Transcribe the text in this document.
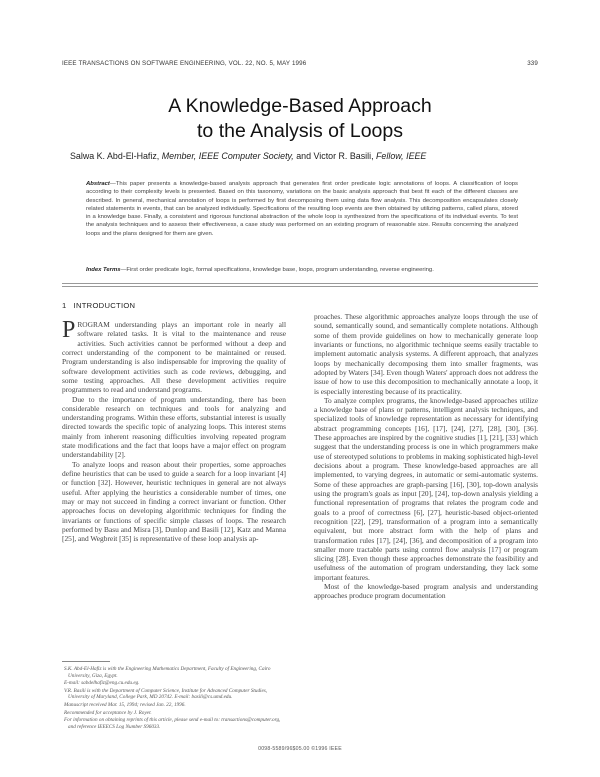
IEEE TRANSACTIONS ON SOFTWARE ENGINEERING, VOL. 22, NO. 5, MAY 1996	339
A Knowledge-Based Approach
to the Analysis of Loops
Salwa K. Abd-El-Hafiz, Member, IEEE Computer Society, and Victor R. Basili, Fellow, IEEE
Abstract—This paper presents a knowledge-based analysis approach that generates first order predicate logic annotations of loops. A classification of loops according to their complexity levels is presented. Based on this taxonomy, variations on the basic analysis approach that best fit each of the different classes are described. In general, mechanical annotation of loops is performed by first decomposing them using data flow analysis. This decomposition encapsulates closely related statements in events, that can be analyzed individually. Specifications of the resulting loop events are then obtained by utilizing patterns, called plans, stored in a knowledge base. Finally, a consistent and rigorous functional abstraction of the whole loop is synthesized from the specifications of its individual events. To test the analysis techniques and to assess their effectiveness, a case study was performed on an existing program of reasonable size. Results concerning the analyzed loops and the plans designed for them are given.
Index Terms—First order predicate logic, formal specifications, knowledge base, loops, program understanding, reverse engineering.
1 INTRODUCTION

PROGRAM understanding plays an important role in nearly all software related tasks. It is vital to the maintenance and reuse activities. Such activities cannot be performed without a deep and correct understanding of the component to be maintained or reused. Program understanding is also indispensable for improving the quality of software development activities such as code reviews, debugging, and some testing approaches. All these development activities require programmers to read and understand programs.

Due to the importance of program understanding, there has been considerable research on techniques and tools for analyzing and understanding programs. Within these efforts, substantial interest is usually directed towards the specific topic of analyzing loops. This interest stems mainly from inherent reasoning difficulties involving repeated program state modifications and the fact that loops have a major effect on program understandability [2].

To analyze loops and reason about their properties, some approaches define heuristics that can be used to guide a search for a loop invariant [4] or function [32]. However, heuristic techniques in general are not always useful. After applying the heuristics a considerable number of times, one may or may not succeed in finding a correct invariant or function. Other approaches focus on developing algorithmic techniques for finding the invariants or functions of specific simple classes of loops. The research performed by Basu and Misra [3], Dunlop and Basili [12], Katz and Manna [25], and Wegbreit [35] is representative of these loop analysis ap-

proaches. These algorithmic approaches analyze loops through the use of sound, semantically sound, and semantically complete notations. Although some of them provide guidelines on how to mechanically generate loop invariants or functions, no algorithmic technique seems easily tractable to implement automatic analysis systems. A different approach, that analyzes loops by mechanically decomposing them into smaller fragments, was adopted by Waters [34]. Even though Waters' approach does not address the issue of how to use this decomposition to mechanically annotate a loop, it is especially interesting because of its practicality.

To analyze complex programs, the knowledge-based approaches utilize a knowledge base of plans or patterns, intelligent analysis techniques, and specialized tools of knowledge representation as necessary for identifying abstract programming concepts [16], [17], [24], [27], [28], [30], [36]. These approaches are inspired by the cognitive studies [1], [21], [33] which suggest that the understanding process is one in which programmers make use of stereotyped solutions to problems in making sophisticated high-level decisions about a program. These knowledge-based approaches are all implemented, to varying degrees, in automatic or semi-automatic systems. Some of these approaches are graph-parsing [16], [30], top-down analysis using the program's goals as input [20], [24], top-down analysis yielding a functional representation of programs that relates the program code and goals to a proof of correctness [6], [27], heuristic-based object-oriented recognition [22], [29], transformation of a program into a semantically equivalent, but more abstract form with the help of plans and transformation rules [17], [24], [36], and decomposition of a program into smaller more tractable parts using control flow analysis [17] or program slicing [28]. Even though these approaches demonstrate the feasibility and usefulness of the automation of program understanding, they lack some important features.

Most of the knowledge-based program analysis and understanding approaches produce program documentation

S.K. Abd-El-Hafiz is with the Engineering Mathematics Department, Faculty of Engineering, Cairo University, Giza, Egypt.
E-mail: sabdelhafiz@eng.cu.edu.eg.
V.R. Basili is with the Department of Computer Science, Institute for Advanced Computer Studies, University of Maryland, College Park, MD 20742. E-mail: basili@cs.umd.edu.
Manuscript received Mar. 15, 1994; revised Jan. 22, 1996.
Recommended for acceptance by J. Royer.
For information on obtaining reprints of this article, please send e-mail to: transactions@computer.org, and reference IEEECS Log Number S96033.
0098-5589/96$05.00 ©1996 IEEE
